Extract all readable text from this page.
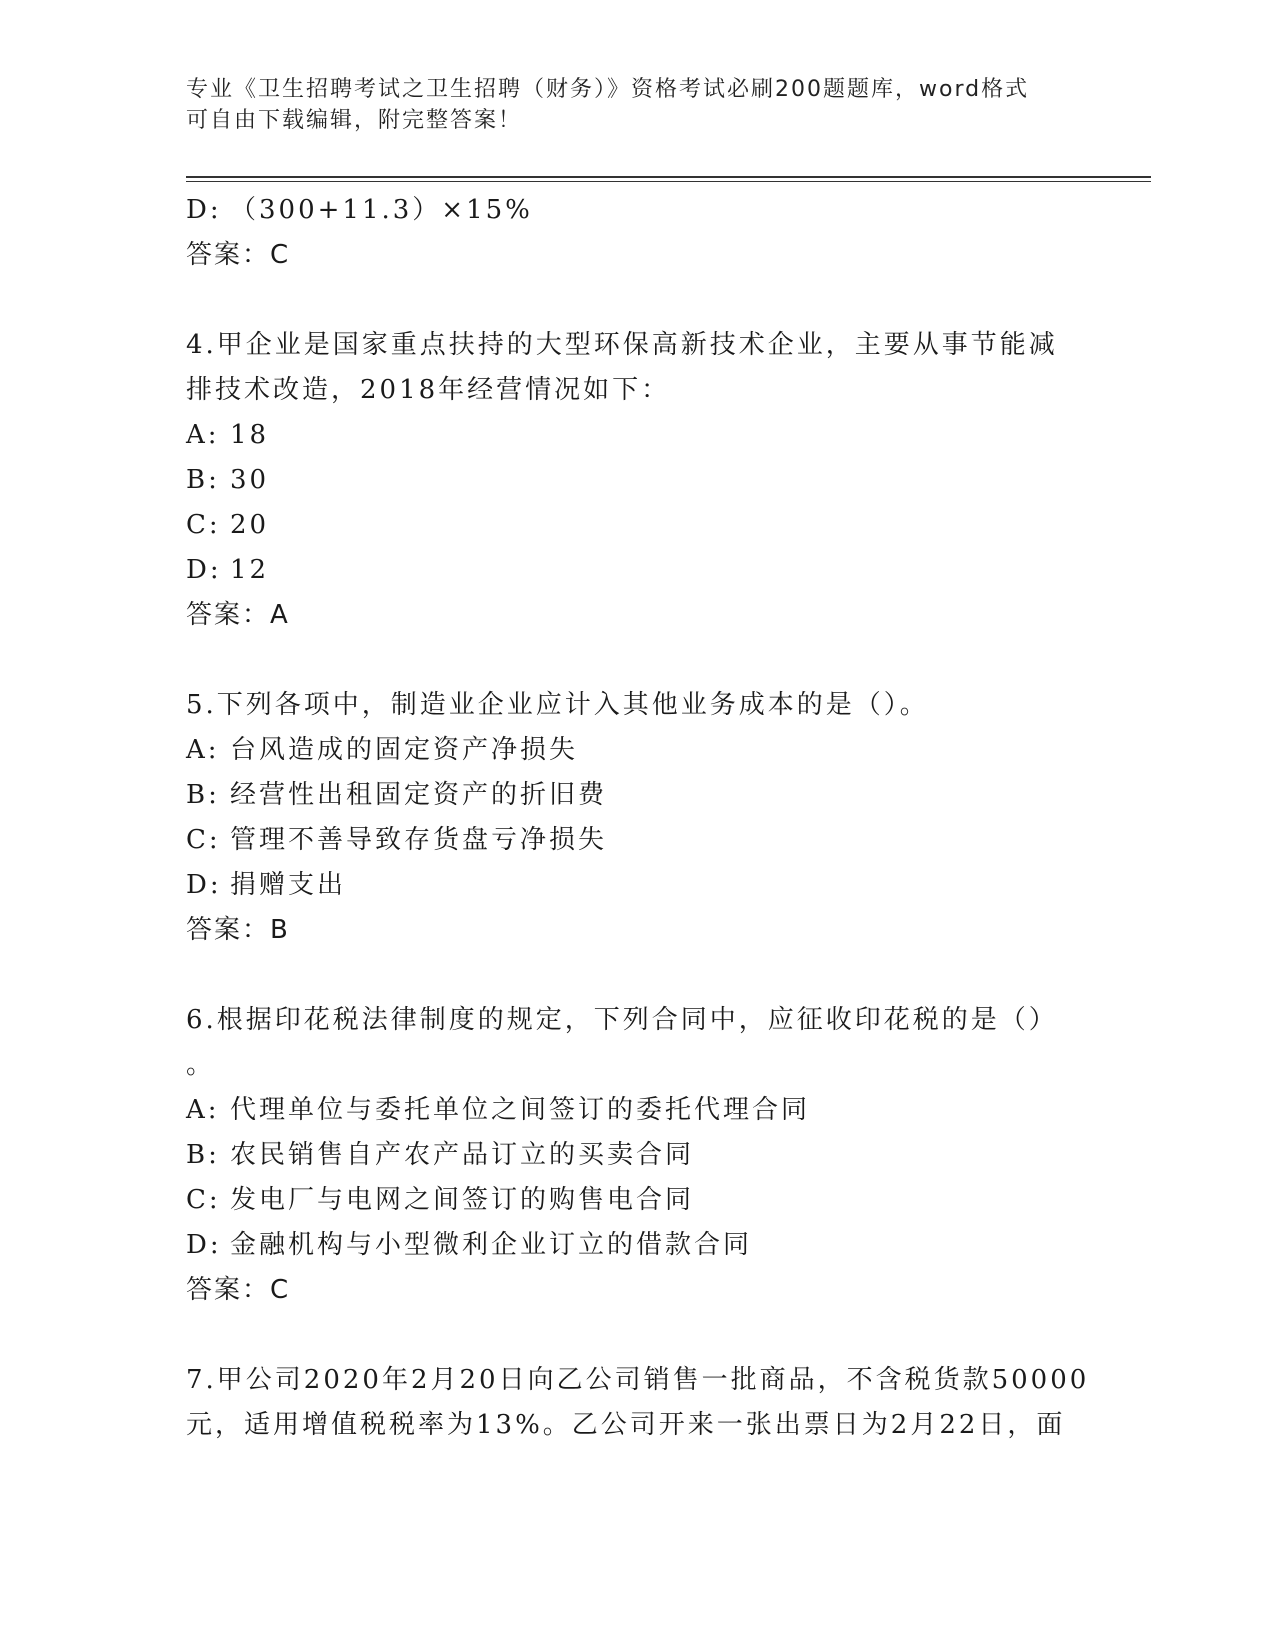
专业《卫生招聘考试之卫生招聘（财务）》资格考试必刷200题题库，word格式
可自由下载编辑，附完整答案！
D: （300+11.3）×15%
答案：C
4.甲企业是国家重点扶持的大型环保高新技术企业，主要从事节能减
排技术改造，2018年经营情况如下：
A: 18
B: 30
C: 20
D: 12
答案：A
5.下列各项中，制造业企业应计入其他业务成本的是（）。
A: 台风造成的固定资产净损失
B: 经营性出租固定资产的折旧费
C: 管理不善导致存货盘亏净损失
D: 捐赠支出
答案：B
6.根据印花税法律制度的规定，下列合同中，应征收印花税的是（）
。
A: 代理单位与委托单位之间签订的委托代理合同
B: 农民销售自产农产品订立的买卖合同
C: 发电厂与电网之间签订的购售电合同
D: 金融机构与小型微利企业订立的借款合同
答案：C
7.甲公司2020年2月20日向乙公司销售一批商品，不含税货款50000
元，适用增值税税率为13%。乙公司开来一张出票日为2月22日，面
